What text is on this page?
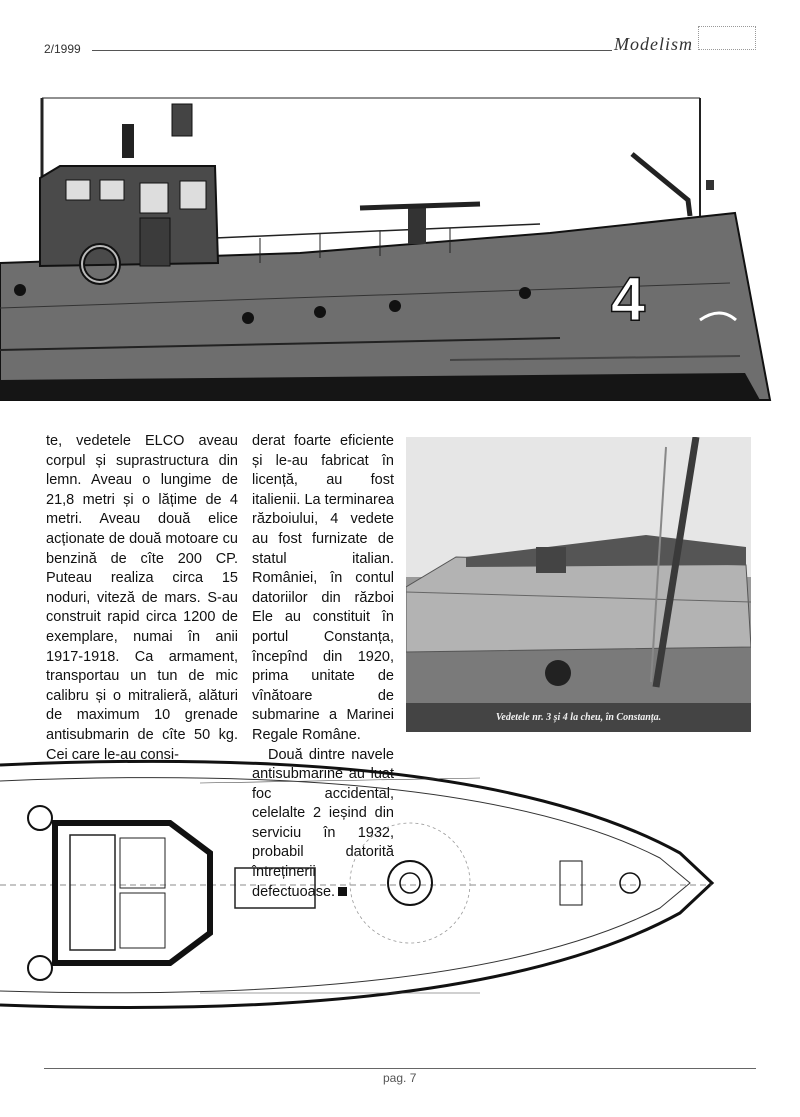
2/1999	Modelism
4

te, vedetele ELCO aveau corpul și suprastructura din lemn. Aveau o lungime de 21,8 metri și o lățime de 4 metri. Aveau două elice acționate de două motoare cu benzină de cîte 200 CP. Puteau realiza circa 15 noduri, viteză de mars. S-au construit rapid circa 1200 de exemplare, numai în anii 1917-1918. Ca armament, transportau un tun de mic calibru și o mitralieră, alături de maximum 10 grenade antisubmarin de cîte 50 kg. Cei care le-au consi-

derat foarte eficiente și le-au fabricat în licență, au fost italienii. La terminarea războiului, 4 vedete au fost furnizate de statul italian. României, în contul datoriilor din război Ele au constituit în portul Constanța, începînd din 1920, prima unitate de vînătoare de submarine a Marinei Regale Române.

Două dintre navele antisubmarine au luat foc accidental, celelalte 2 ieșind din serviciu în 1932, probabil datorită întreținerii defectuoase.

Vedetele nr. 3 și 4 la cheu, în Constanța.
pag. 7
